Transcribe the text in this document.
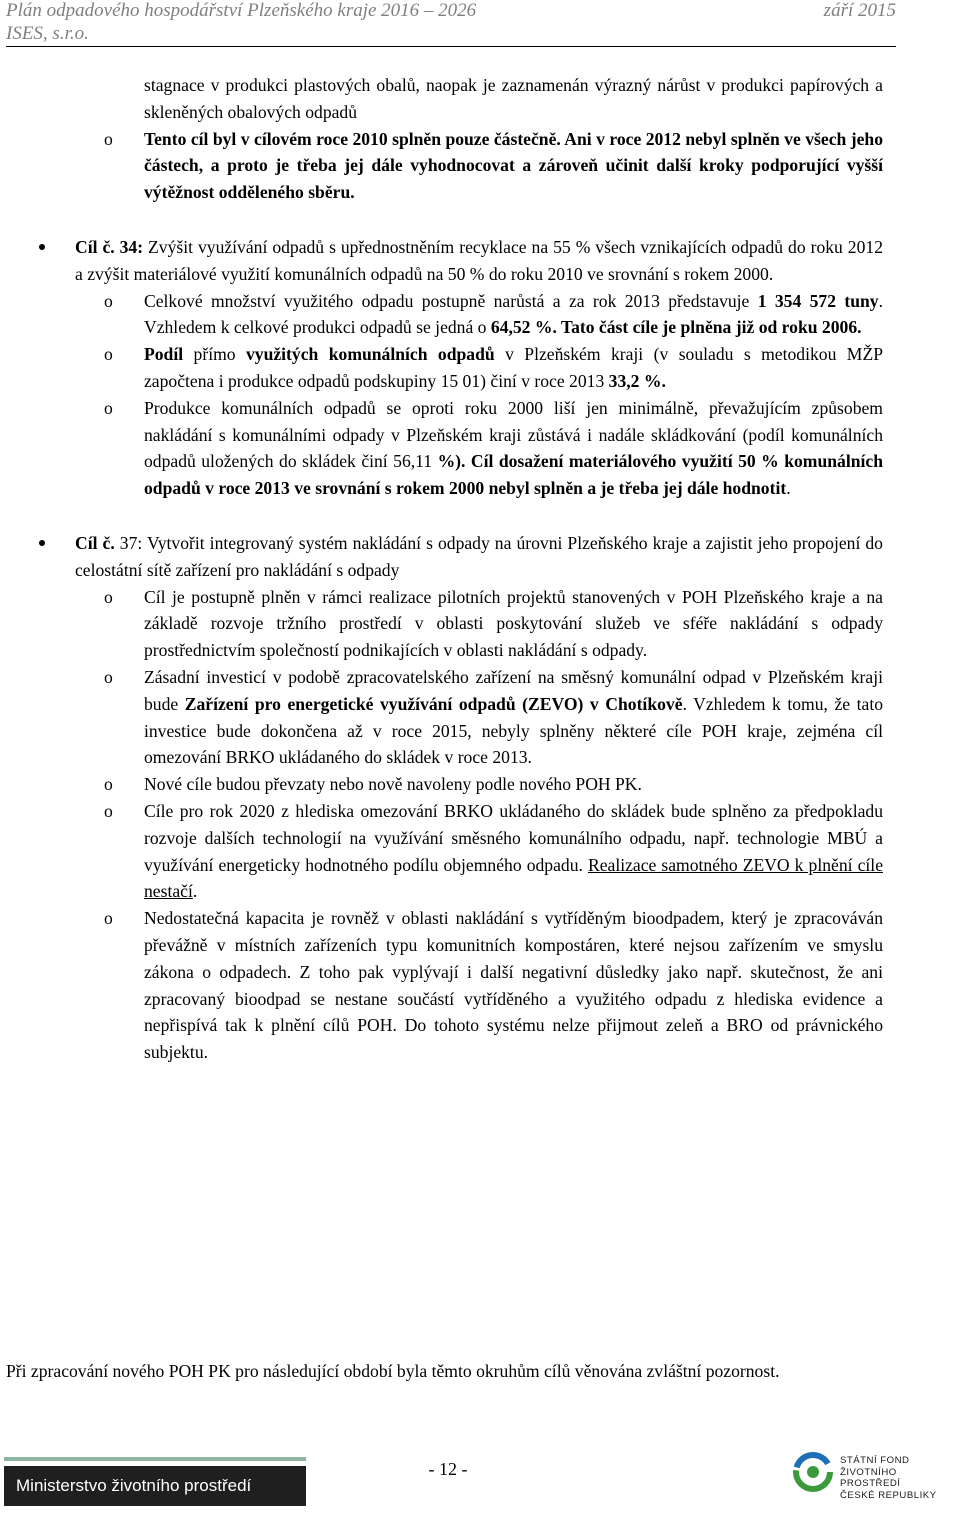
Plán odpadového hospodářství Plzeňského kraje 2016 – 2026	září 2015
ISES, s.r.o.
stagnace v produkci plastových obalů, naopak je zaznamenán výrazný nárůst v produkci papírových a skleněných obalových odpadů
o Tento cíl byl v cílovém roce 2010 splněn pouze částečně. Ani v roce 2012 nebyl splněn ve všech jeho částech, a proto je třeba jej dále vyhodnocovat a zároveň učinit další kroky podporující vyšší výtěžnost odděleného sběru.
Cíl č. 34: Zvýšit využívání odpadů s upřednostněním recyklace na 55 % všech vznikajících odpadů do roku 2012 a zvýšit materiálové využití komunálních odpadů na 50 % do roku 2010 ve srovnání s rokem 2000.
o Celkové množství využitého odpadu postupně narůstá a za rok 2013 představuje 1 354 572 tuny. Vzhledem k celkové produkci odpadů se jedná o 64,52 %. Tato část cíle je plněna již od roku 2006.
o Podíl přímo využitých komunálních odpadů v Plzeňském kraji (v souladu s metodikou MŽP započtena i produkce odpadů podskupiny 15 01) činí v roce 2013 33,2 %.
o Produkce komunálních odpadů se oproti roku 2000 liší jen minimálně, převažujícím způsobem nakládání s komunálními odpady v Plzeňském kraji zůstává i nadále skládkování (podíl komunálních odpadů uložených do skládek činí 56,11 %). Cíl dosažení materiálového využití 50 % komunálních odpadů v roce 2013 ve srovnání s rokem 2000 nebyl splněn a je třeba jej dále hodnotit.
Cíl č. 37: Vytvořit integrovaný systém nakládání s odpady na úrovni Plzeňského kraje a zajistit jeho propojení do celostátní sítě zařízení pro nakládání s odpady
o Cíl je postupně plněn v rámci realizace pilotních projektů stanovených v POH Plzeňského kraje a na základě rozvoje tržního prostředí v oblasti poskytování služeb ve sféře nakládání s odpady prostřednictvím společností podnikajících v oblasti nakládání s odpady.
o Zásadní investicí v podobě zpracovatelského zařízení na směsný komunální odpad v Plzeňském kraji bude Zařízení pro energetické využívání odpadů (ZEVO) v Chotíkově. Vzhledem k tomu, že tato investice bude dokončena až v roce 2015, nebyly splněny některé cíle POH kraje, zejména cíl omezování BRKO ukládaného do skládek v roce 2013.
o Nové cíle budou převzaty nebo nově navoleny podle nového POH PK.
o Cíle pro rok 2020 z hlediska omezování BRKO ukládaného do skládek bude splněno za předpokladu rozvoje dalších technologií na využívání směsného komunálního odpadu, např. technologie MBÚ a využívání energeticky hodnotného podílu objemného odpadu. Realizace samotného ZEVO k plnění cíle nestačí.
o Nedostatečná kapacita je rovněž v oblasti nakládání s vytříděným bioodpadem, který je zpracováván převážně v místních zařízeních typu komunitních kompostáren, které nejsou zařízením ve smyslu zákona o odpadech. Z toho pak vyplývají i další negativní důsledky jako např. skutečnost, že ani zpracovaný bioodpad se nestane součástí vytříděného a využitého odpadu z hlediska evidence a nepřispívá tak k plnění cílů POH. Do tohoto systému nelze přijmout zeleň a BRO od právnického subjektu.
Při zpracování nového POH PK pro následující období byla těmto okruhům cílů věnována zvláštní pozornost.
Ministerstvo životního prostředí
- 12 -	STÁTNÍ FOND
ŽIVOTNÍHO PROSTŘEDÍ
ČESKÉ REPUBLIKY
